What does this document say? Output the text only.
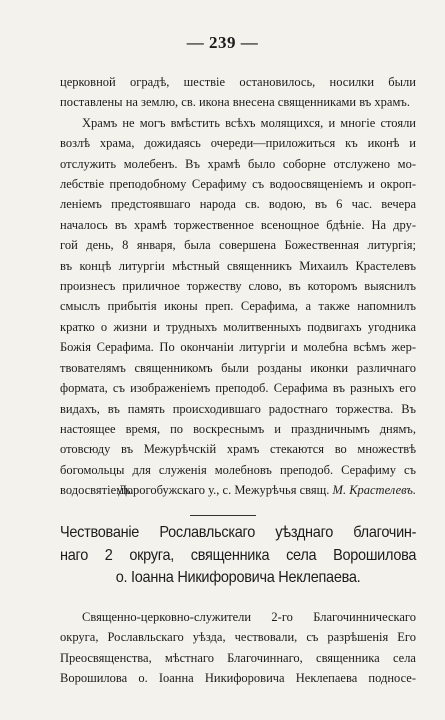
— 239 —
церковной оградѣ, шествіе остановилось, носилки были поставлены на землю, св. икона внесена священниками въ храмъ.
Храмъ не могъ вмѣстить всѣхъ молящихся, и многіе стояли
возлѣ храма, дожидаясь очереди—приложиться къ иконѣ и
отслужить молебенъ. Въ храмѣ было соборне отслужено мо-
лебствіе преподобному Серафиму съ водоосвященіемъ и окроп-
леніемъ предстоявшаго народа св. водою, въ 6 час. вечера
началось въ храмѣ торжественное всенощное бдѣніе. На дру-
гой день, 8 января, была совершена Божественная литургія;
въ концѣ литургіи мѣстный священникъ Михаилъ Крастелевъ
произнесъ приличное торжеству слово, въ которомъ выяснилъ
смыслъ прибытія иконы преп. Серафима, а также напомнилъ
кратко о жизни и трудныхъ молитвенныхъ подвигахъ угодника
Божія Серафима. По окончаніи литургіи и молебна всѣмъ жер-
твователямъ священникомъ были розданы иконки различнаго
формата, съ изображеніемъ преподоб. Серафима въ разныхъ его
видахъ, въ память происходившаго радостнаго торжества. Въ
настоящее время, по воскреснымъ и праздничнымъ днямъ,
отовсюду въ Межурѣчскій храмъ стекаются во множествѣ
богомольцы для служенія молебновъ преподоб. Серафиму съ
водосвятіемъ.
Дорогобужскаго у., с. Межурѣчья свящ. М. Крастелевъ.
Чествованіе Рославльскаго уѣзднаго благочин-
наго 2 округа, священника села Ворошилова
о. Іоанна Никифоровича Неклепаева.
Священно-церковно-служители 2-го Благочинническаго
округа, Рославльскаго уѣзда, чествовали, съ разрѣшенія Его
Преосвященства, мѣстнаго Благочиннаго, священника села
Ворошилова о. Іоанна Никифоровича Неклепаева подносе-
